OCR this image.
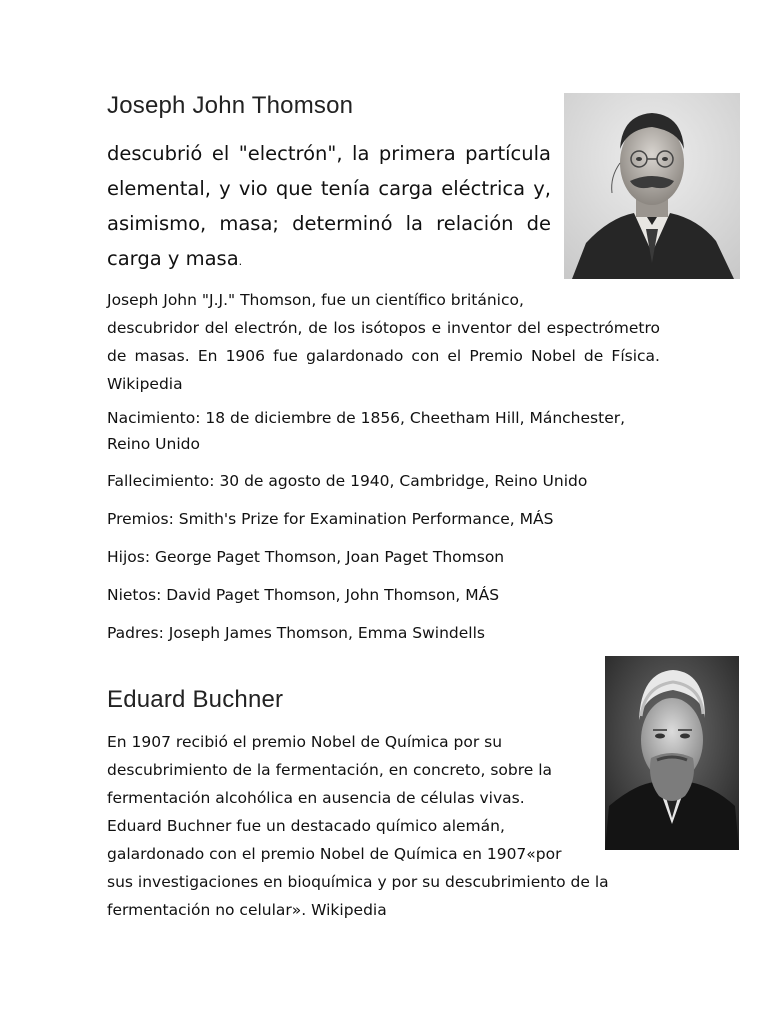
Joseph John Thomson

descubrió el "electrón", la primera partícula elemental, y vio que tenía carga eléctrica y, asimismo, masa; determinó la relación de carga y masa.

Joseph John "J.J." Thomson, fue un científico británico,
descubridor del electrón, de los isótopos e inventor del espectrómetro de masas. En 1906 fue galardonado con el Premio Nobel de Física. Wikipedia

Nacimiento: 18 de diciembre de 1856, Cheetham Hill, Mánchester,

Reino Unido

Fallecimiento: 30 de agosto de 1940, Cambridge, Reino Unido

Premios: Smith's Prize for Examination Performance, MÁS

Hijos: George Paget Thomson, Joan Paget Thomson

Nietos: David Paget Thomson, John Thomson, MÁS

Padres: Joseph James Thomson, Emma Swindells

Eduard Buchner
En 1907 recibió el premio Nobel de Química por su
descubrimiento de la fermentación, en concreto, sobre la
fermentación alcohólica en ausencia de células vivas.
Eduard Buchner fue un destacado químico alemán,
galardonado con el premio Nobel de Química en 1907«por
sus investigaciones en bioquímica y por su descubrimiento de la
fermentación no celular». Wikipedia
